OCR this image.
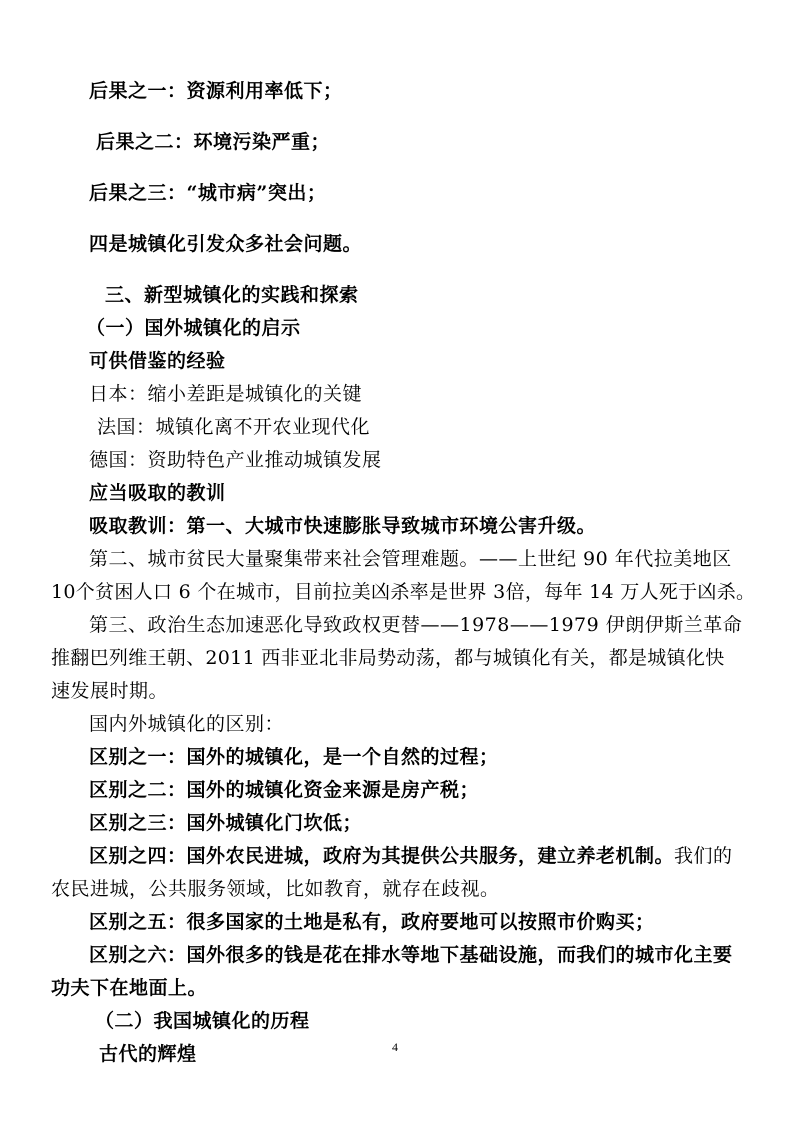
后果之一：资源利用率低下；
后果之二：环境污染严重；
后果之三：“城市病”突出；
四是城镇化引发众多社会问题。
三、新型城镇化的实践和探索
（一）国外城镇化的启示
可供借鉴的经验
日本：缩小差距是城镇化的关键
法国：城镇化离不开农业现代化
德国：资助特色产业推动城镇发展
应当吸取的教训
吸取教训：第一、大城市快速膨胀导致城市环境公害升级。
第二、城市贫民大量聚集带来社会管理难题。——上世纪 90 年代拉美地区
10个贫困人口 6 个在城市，目前拉美凶杀率是世界 3倍，每年 14 万人死于凶杀。
第三、政治生态加速恶化导致政权更替——1978——1979 伊朗伊斯兰革命
推翻巴列维王朝、2011 西非亚北非局势动荡，都与城镇化有关，都是城镇化快
速发展时期。
国内外城镇化的区别：
区别之一：国外的城镇化，是一个自然的过程；
区别之二：国外的城镇化资金来源是房产税；
区别之三：国外城镇化门坎低；
区别之四：国外农民进城，政府为其提供公共服务，建立养老机制。我们的
农民进城，公共服务领域，比如教育，就存在歧视。
区别之五：很多国家的土地是私有，政府要地可以按照市价购买；
区别之六：国外很多的钱是花在排水等地下基础设施，而我们的城市化主要
功夫下在地面上。
（二）我国城镇化的历程
古代的辉煌	4
